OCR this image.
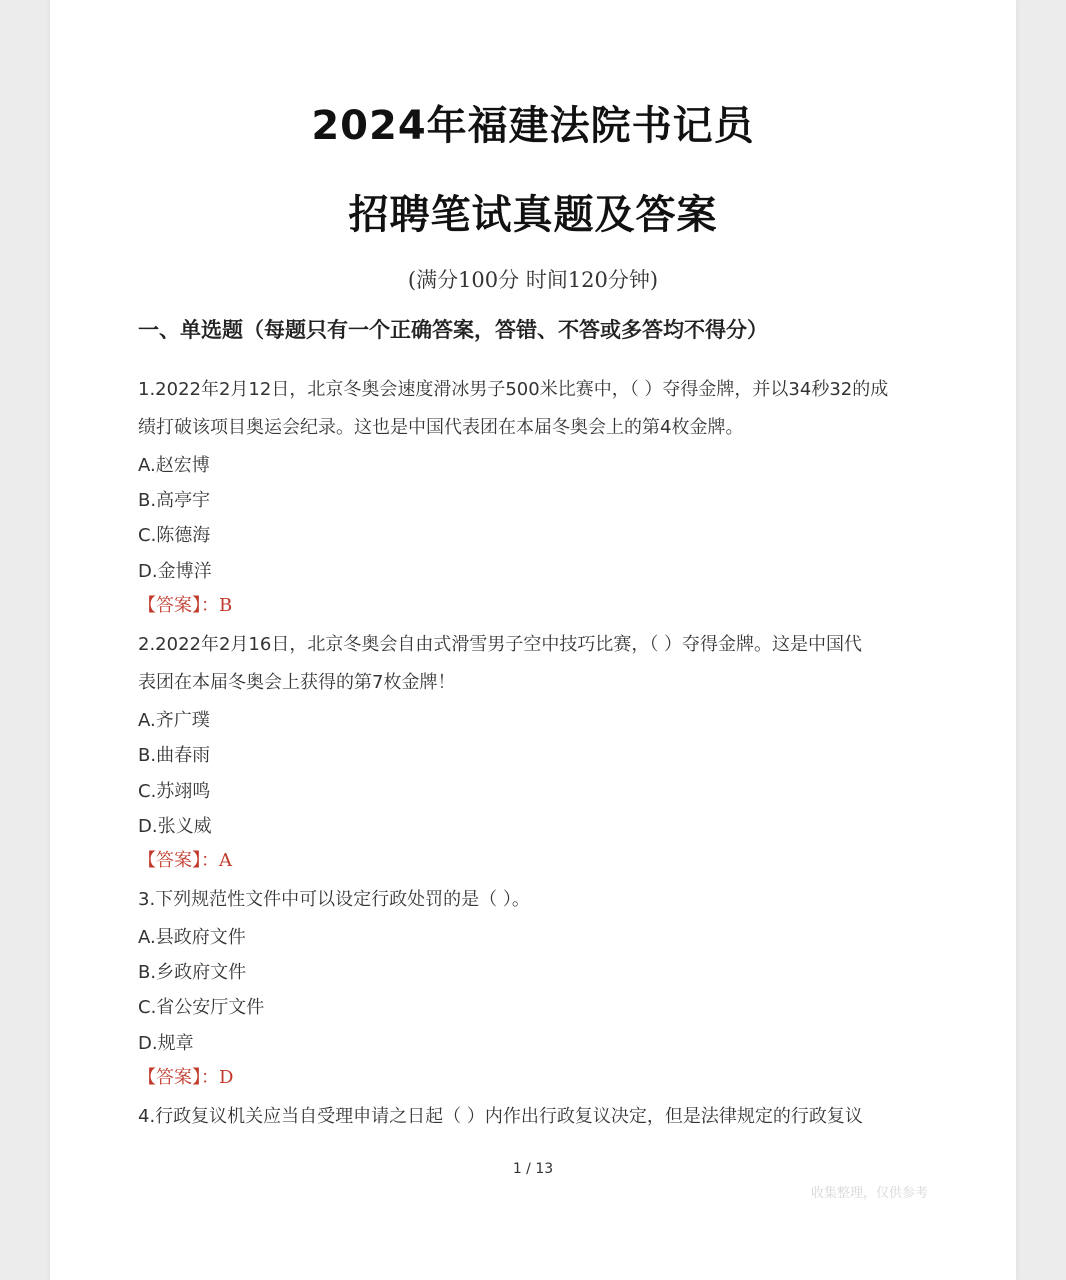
2024年福建法院书记员
招聘笔试真题及答案
(满分100分 时间120分钟)
一、单选题（每题只有一个正确答案，答错、不答或多答均不得分）
1.2022年2月12日，北京冬奥会速度滑冰男子500米比赛中，（ ）夺得金牌，并以34秒32的成
绩打破该项目奥运会纪录。这也是中国代表团在本届冬奥会上的第4枚金牌。
A.赵宏博
B.高亭宇
C.陈德海
D.金博洋
【答案】：B
2.2022年2月16日，北京冬奥会自由式滑雪男子空中技巧比赛，（ ）夺得金牌。这是中国代
表团在本届冬奥会上获得的第7枚金牌！
A.齐广璞
B.曲春雨
C.苏翊鸣
D.张义威
【答案】：A
3.下列规范性文件中可以设定行政处罚的是（ ）。
A.县政府文件
B.乡政府文件
C.省公安厅文件
D.规章
【答案】：D
4.行政复议机关应当自受理申请之日起（ ）内作出行政复议决定，但是法律规定的行政复议
1 / 13
收集整理，仅供参考
